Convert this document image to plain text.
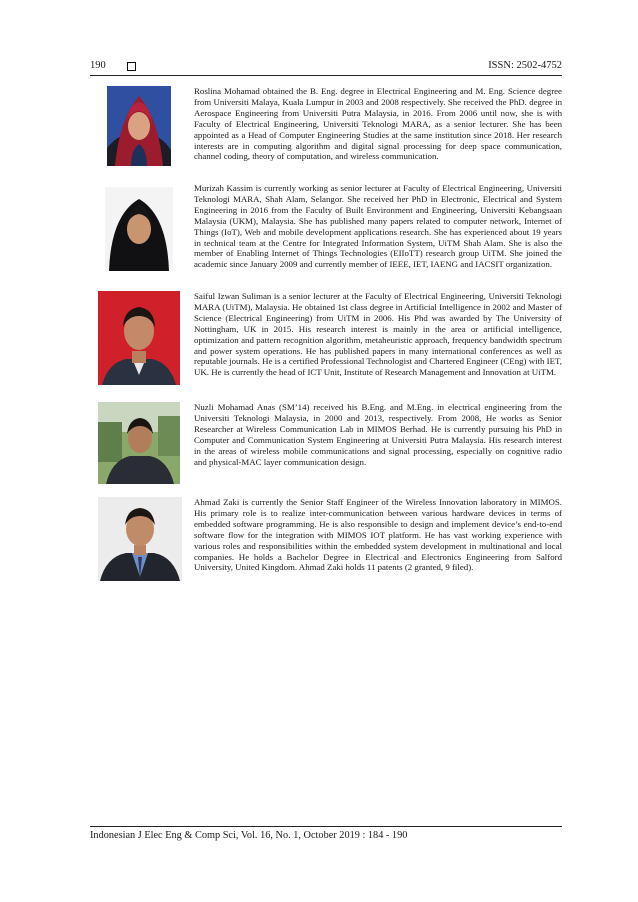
190	ISSN: 2502-4752
Roslina Mohamad obtained the B. Eng. degree in Electrical Engineering and M. Eng. Science degree from Universiti Malaya, Kuala Lumpur in 2003 and 2008 respectively. She received the PhD. degree in Aerospace Engineering from Universiti Putra Malaysia, in 2016. From 2006 until now, she is with Faculty of Electrical Engineering, Universiti Teknologi MARA, as a senior lecturer. She has been appointed as a Head of Computer Engineering Studies at the same institution since 2018. Her research interests are in computing algorithm and digital signal processing for deep space communication, channel coding, theory of computation, and wireless communication.
Murizah Kassim is currently working as senior lecturer at Faculty of Electrical Engineering, Universiti Teknologi MARA, Shah Alam, Selangor. She received her PhD in Electronic, Electrical and System Engineering in 2016 from the Faculty of Built Environment and Engineering, Universiti Kebangsaan Malaysia (UKM), Malaysia. She has published many papers related to computer network, Internet of Things (IoT), Web and mobile development applications research. She has experienced about 19 years in technical team at the Centre for Integrated Information System, UiTM Shah Alam. She is also the member of Enabling Internet of Things Technologies (EIIoTT) research group UiTM. She joined the academic since January 2009 and currently member of IEEE, IET, IAENG and IACSIT organization.
Saiful Izwan Suliman is a senior lecturer at the Faculty of Electrical Engineering, Universiti Teknologi MARA (UiTM), Malaysia. He obtained 1st class degree in Artificial Intelligence in 2002 and Master of Science (Electrical Engineering) from UiTM in 2006. His Phd was awarded by The University of Nottingham, UK in 2015. His research interest is mainly in the area or artificial intelligence, optimization and pattern recognition algorithm, metaheuristic approach, frequency bandwidth spectrum and power system operations. He has published papers in many international conferences as well as reputable journals. He is a certified Professional Technologist and Chartered Engineer (CEng) with IET, UK. He is currently the head of ICT Unit, Institute of Research Management and Innovation at UiTM.
Nuzli Mohamad Anas (SM’14) received his B.Eng. and M.Eng. in electrical engineering from the Universiti Teknologi Malaysia, in 2000 and 2013, respectively. From 2008, He works as Senior Researcher at Wireless Communication Lab in MIMOS Berhad. He is currently pursuing his PhD in Computer and Communication System Engineering at Universiti Putra Malaysia. His research interest in the areas of wireless mobile communications and signal processing, especially on cognitive radio and physical-MAC layer communication design.
Ahmad Zaki is currently the Senior Staff Engineer of the Wireless Innovation laboratory in MIMOS. His primary role is to realize inter-communication between various hardware devices in terms of embedded software programming. He is also responsible to design and implement device’s end-to-end software flow for the integration with MIMOS IOT platform. He has vast working experience with various roles and responsibilities within the embedded system development in multinational and local companies. He holds a Bachelor Degree in Electrical and Electronics Engineering from Salford University, United Kingdom. Ahmad Zaki holds 11 patents (2 granted, 9 filed).
Indonesian J Elec Eng & Comp Sci, Vol. 16, No. 1, October 2019 : 184 - 190
